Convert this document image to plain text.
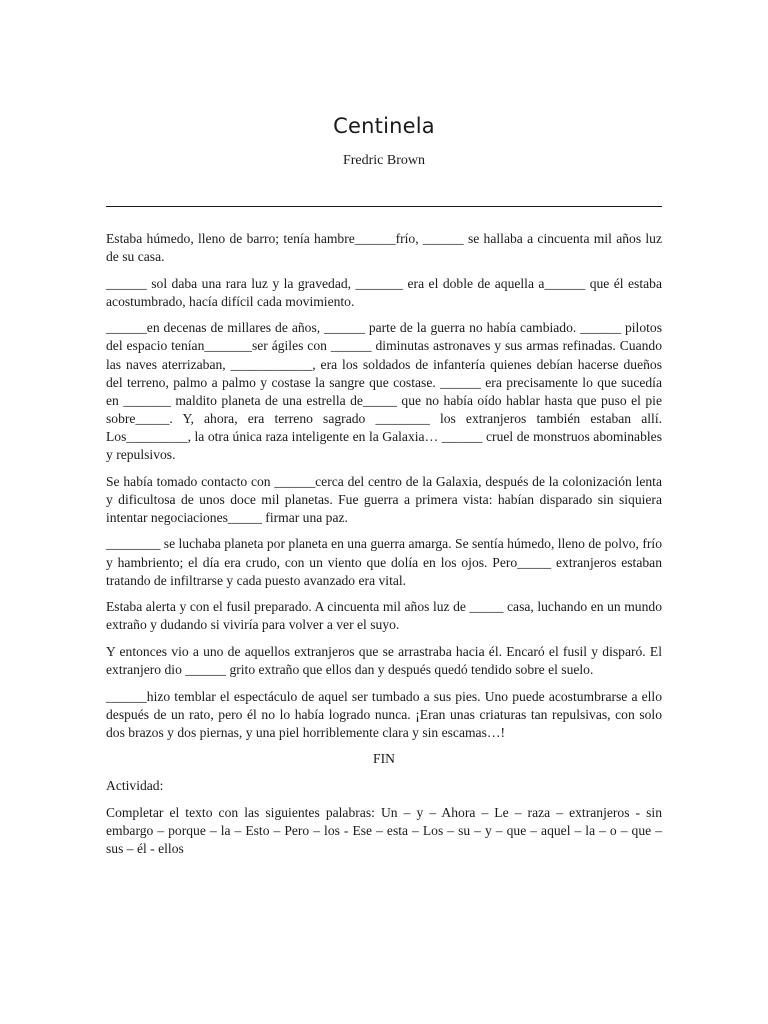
Centinela

Fredric Brown

Estaba húmedo, lleno de barro; tenía hambre______frío, ______ se hallaba a cincuenta mil años luz de su casa.

______ sol daba una rara luz y la gravedad, _______ era el doble de aquella a______ que él estaba acostumbrado, hacía difícil cada movimiento.

______en decenas de millares de años, ______ parte de la guerra no había cambiado. ______ pilotos del espacio tenían_______ser ágiles con ______ diminutas astronaves y sus armas refinadas. Cuando las naves aterrizaban, ____________, era los soldados de infantería quienes debían hacerse dueños del terreno, palmo a palmo y costase la sangre que costase. ______ era precisamente lo que sucedía en _______ maldito planeta de una estrella de_____ que no había oído hablar hasta que puso el pie sobre_____. Y, ahora, era terreno sagrado ________ los extranjeros también estaban allí. Los_________, la otra única raza inteligente en la Galaxia… ______ cruel de monstruos abominables y repulsivos.

Se había tomado contacto con ______cerca del centro de la Galaxia, después de la colonización lenta y dificultosa de unos doce mil planetas. Fue guerra a primera vista: habían disparado sin siquiera intentar negociaciones_____ firmar una paz.

________ se luchaba planeta por planeta en una guerra amarga. Se sentía húmedo, lleno de polvo, frío y hambriento; el día era crudo, con un viento que dolía en los ojos. Pero_____ extranjeros estaban tratando de infiltrarse y cada puesto avanzado era vital.

Estaba alerta y con el fusil preparado. A cincuenta mil años luz de _____ casa, luchando en un mundo extraño y dudando si viviría para volver a ver el suyo.

Y entonces vio a uno de aquellos extranjeros que se arrastraba hacia él. Encaró el fusil y disparó. El extranjero dio ______ grito extraño que ellos dan y después quedó tendido sobre el suelo.

______hizo temblar el espectáculo de aquel ser tumbado a sus pies. Uno puede acostumbrarse a ello después de un rato, pero él no lo había logrado nunca. ¡Eran unas criaturas tan repulsivas, con solo dos brazos y dos piernas, y una piel horriblemente clara y sin escamas…!

FIN

Actividad:

Completar el texto con las siguientes palabras: Un – y – Ahora – Le – raza – extranjeros - sin embargo – porque – la – Esto – Pero – los - Ese – esta – Los – su – y – que – aquel – la – o – que – sus – él - ellos
